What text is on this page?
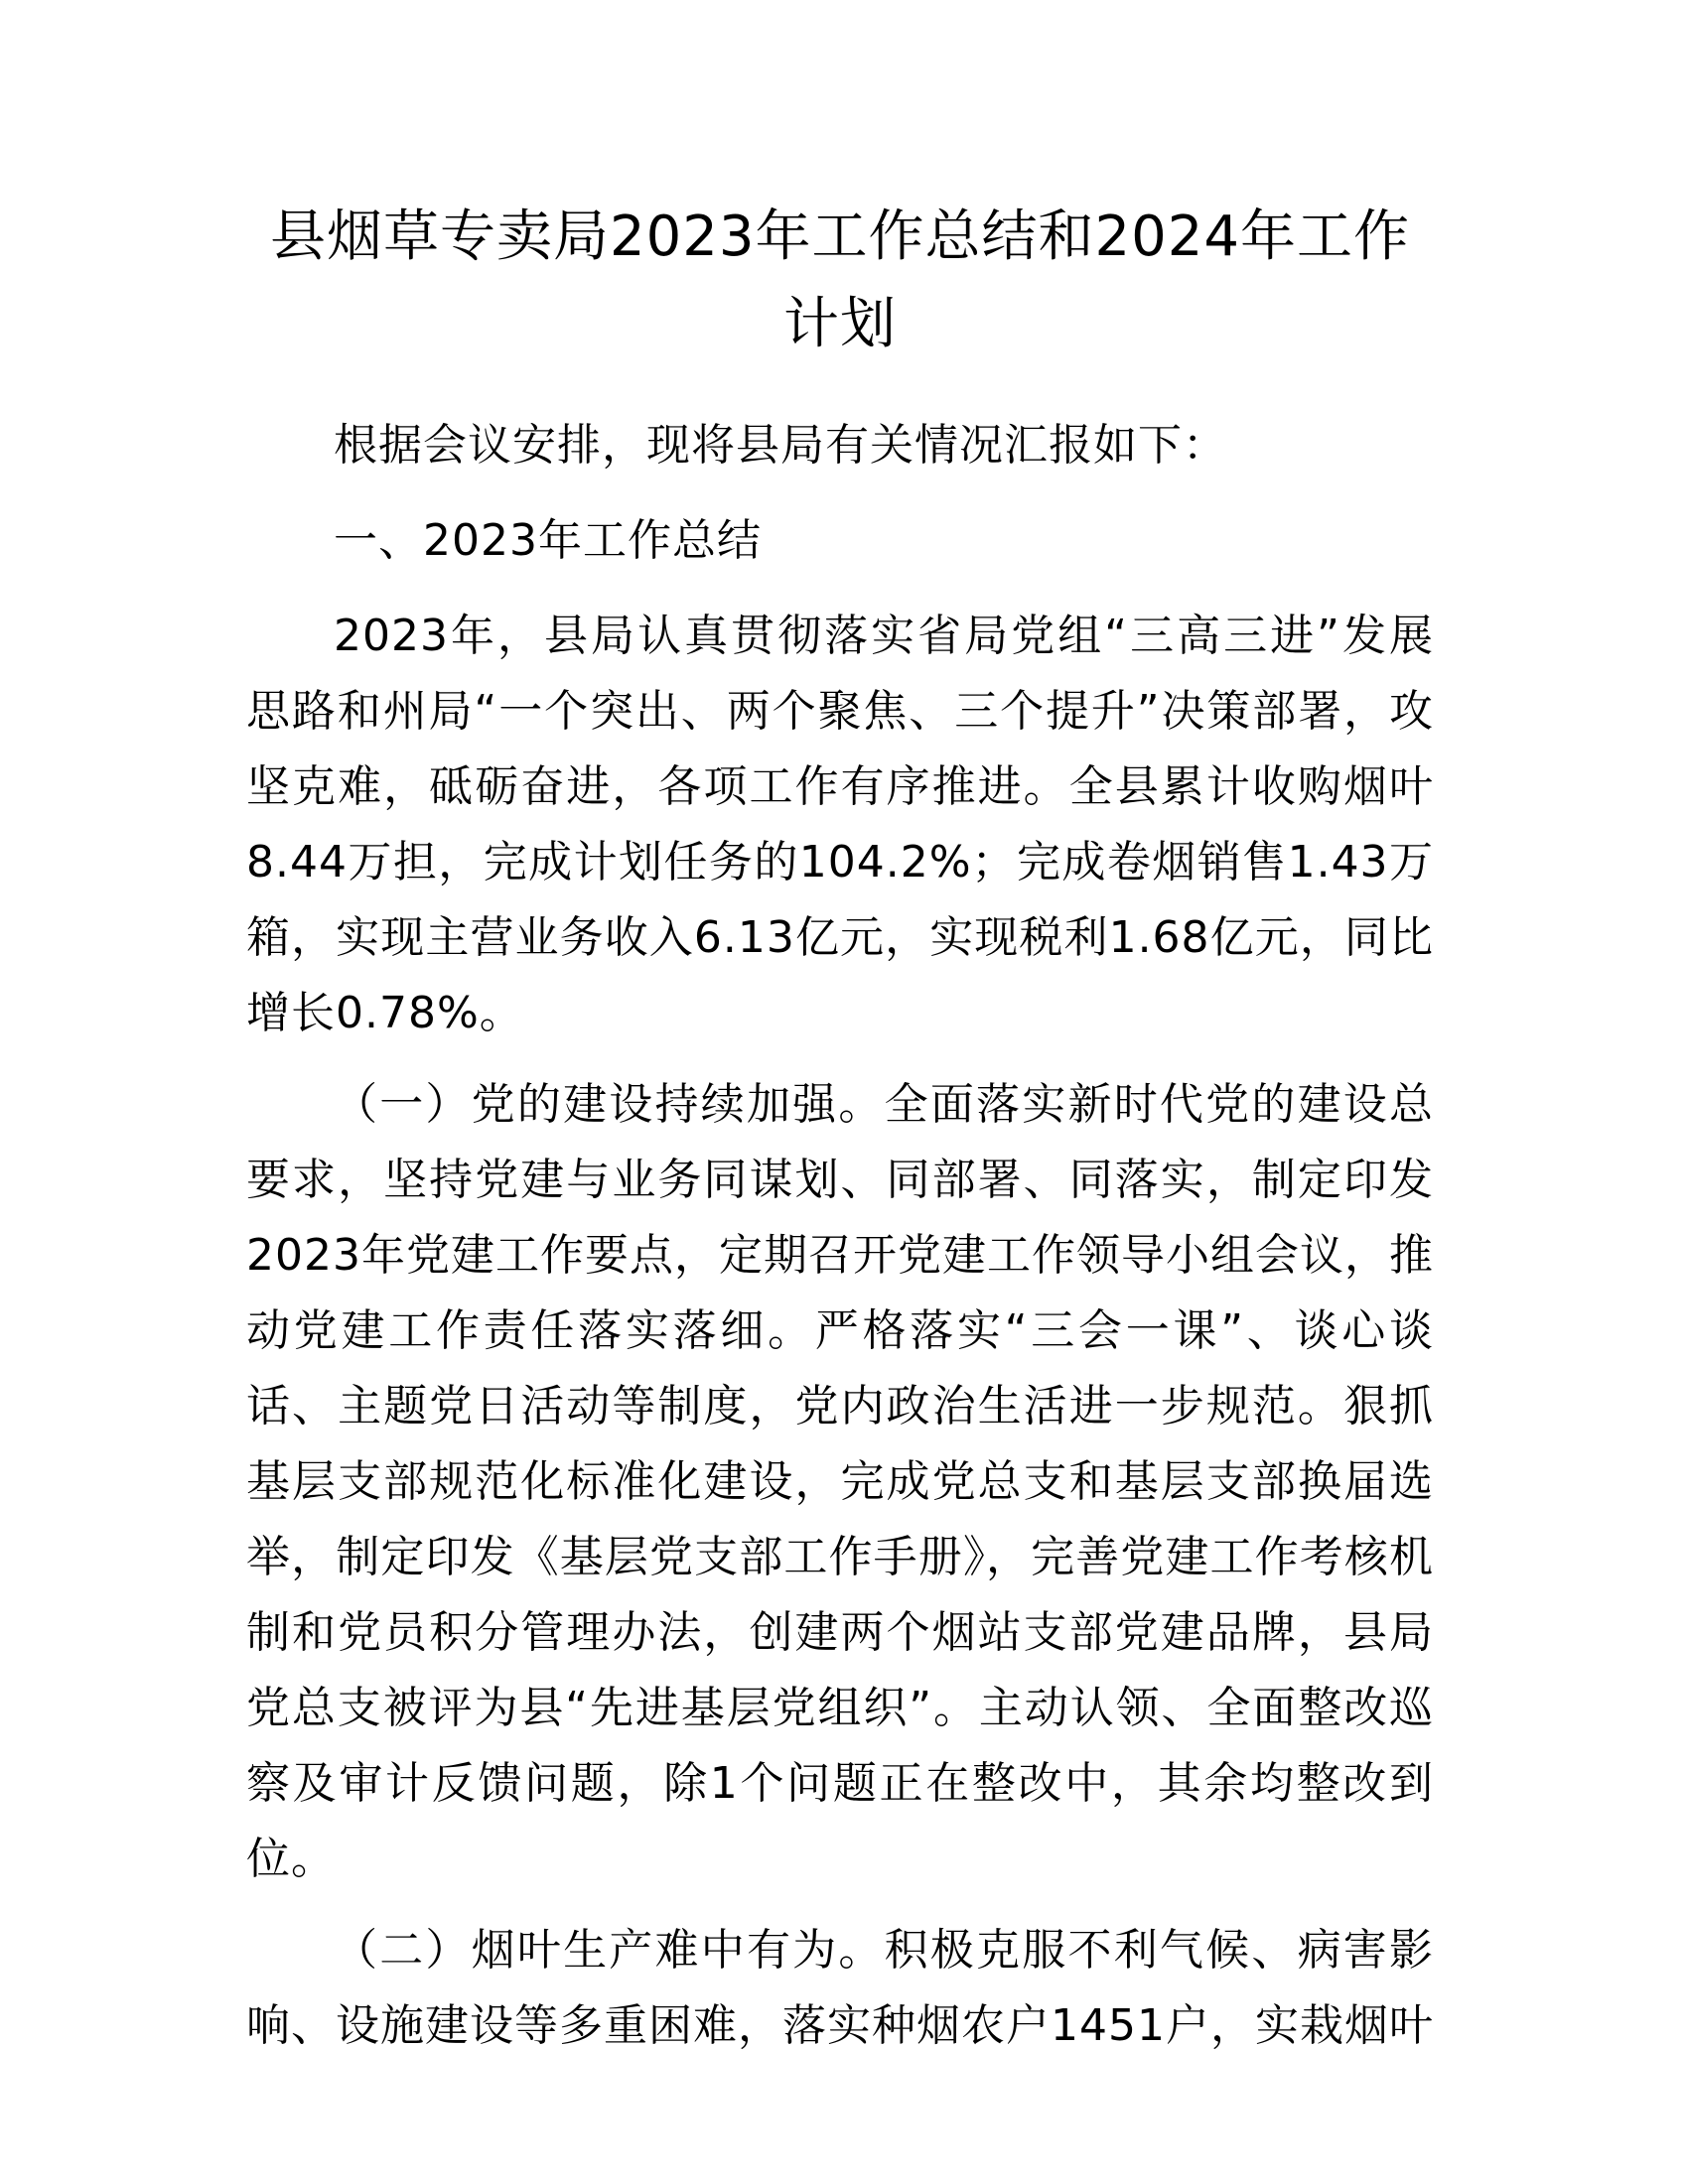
县烟草专卖局2023年工作总结和2024年工作计划

根据会议安排，现将县局有关情况汇报如下：

一、2023年工作总结

2023年，县局认真贯彻落实省局党组“三高三进”发展思路和州局“一个突出、两个聚焦、三个提升”决策部署，攻坚克难，砥砺奋进，各项工作有序推进。全县累计收购烟叶8.44万担，完成计划任务的104.2%；完成卷烟销售1.43万箱，实现主营业务收入6.13亿元，实现税利1.68亿元，同比增长0.78%。

（一）党的建设持续加强。全面落实新时代党的建设总要求，坚持党建与业务同谋划、同部署、同落实，制定印发2023年党建工作要点，定期召开党建工作领导小组会议，推动党建工作责任落实落细。严格落实“三会一课”、谈心谈话、主题党日活动等制度，党内政治生活进一步规范。狠抓基层支部规范化标准化建设，完成党总支和基层支部换届选举，制定印发《基层党支部工作手册》，完善党建工作考核机制和党员积分管理办法，创建两个烟站支部党建品牌，县局党总支被评为县“先进基层党组织”。主动认领、全面整改巡察及审计反馈问题，除1个问题正在整改中，其余均整改到位。

（二）烟叶生产难中有为。积极克服不利气候、病害影响、设施建设等多重困难，落实种烟农户1451户，实栽烟叶
